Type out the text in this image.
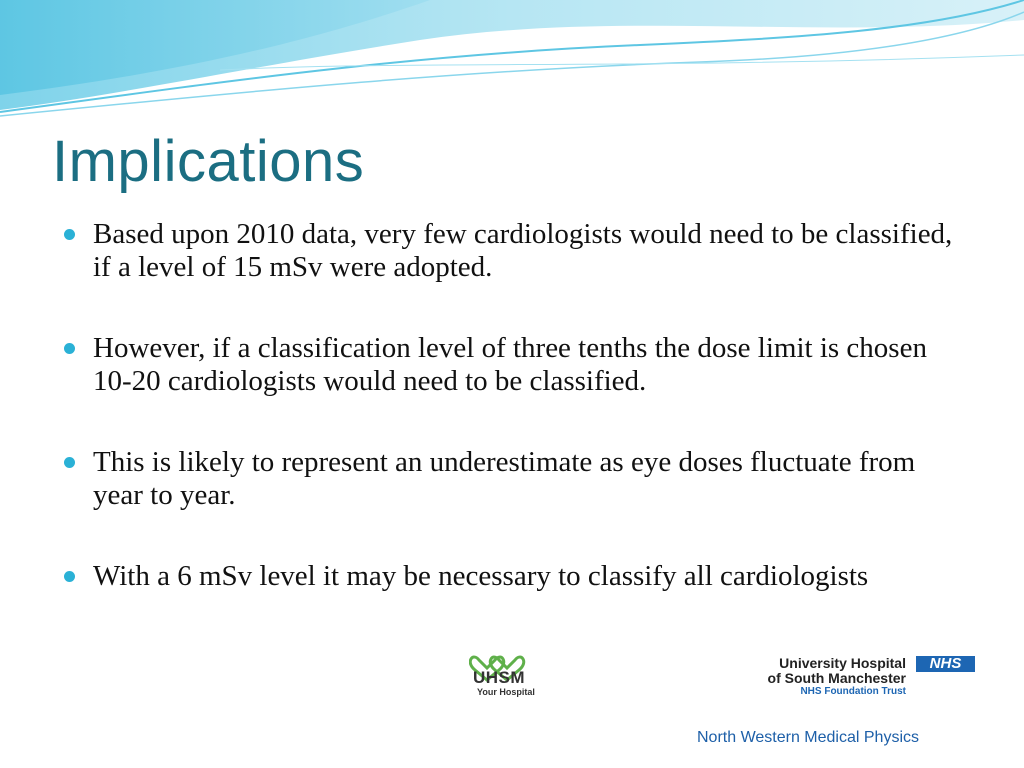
Implications
Based upon 2010 data, very few cardiologists would need to be classified, if a level of 15 mSv were adopted.
However, if a classification level of three tenths the dose limit is chosen 10-20 cardiologists would need to be classified.
This is likely to represent an underestimate as eye doses fluctuate from year to year.
With a 6 mSv level it may be necessary to classify all cardiologists
UHSM
Your Hospital
University Hospital
of South Manchester
NHS Foundation Trust
NHS
North Western Medical Physics
